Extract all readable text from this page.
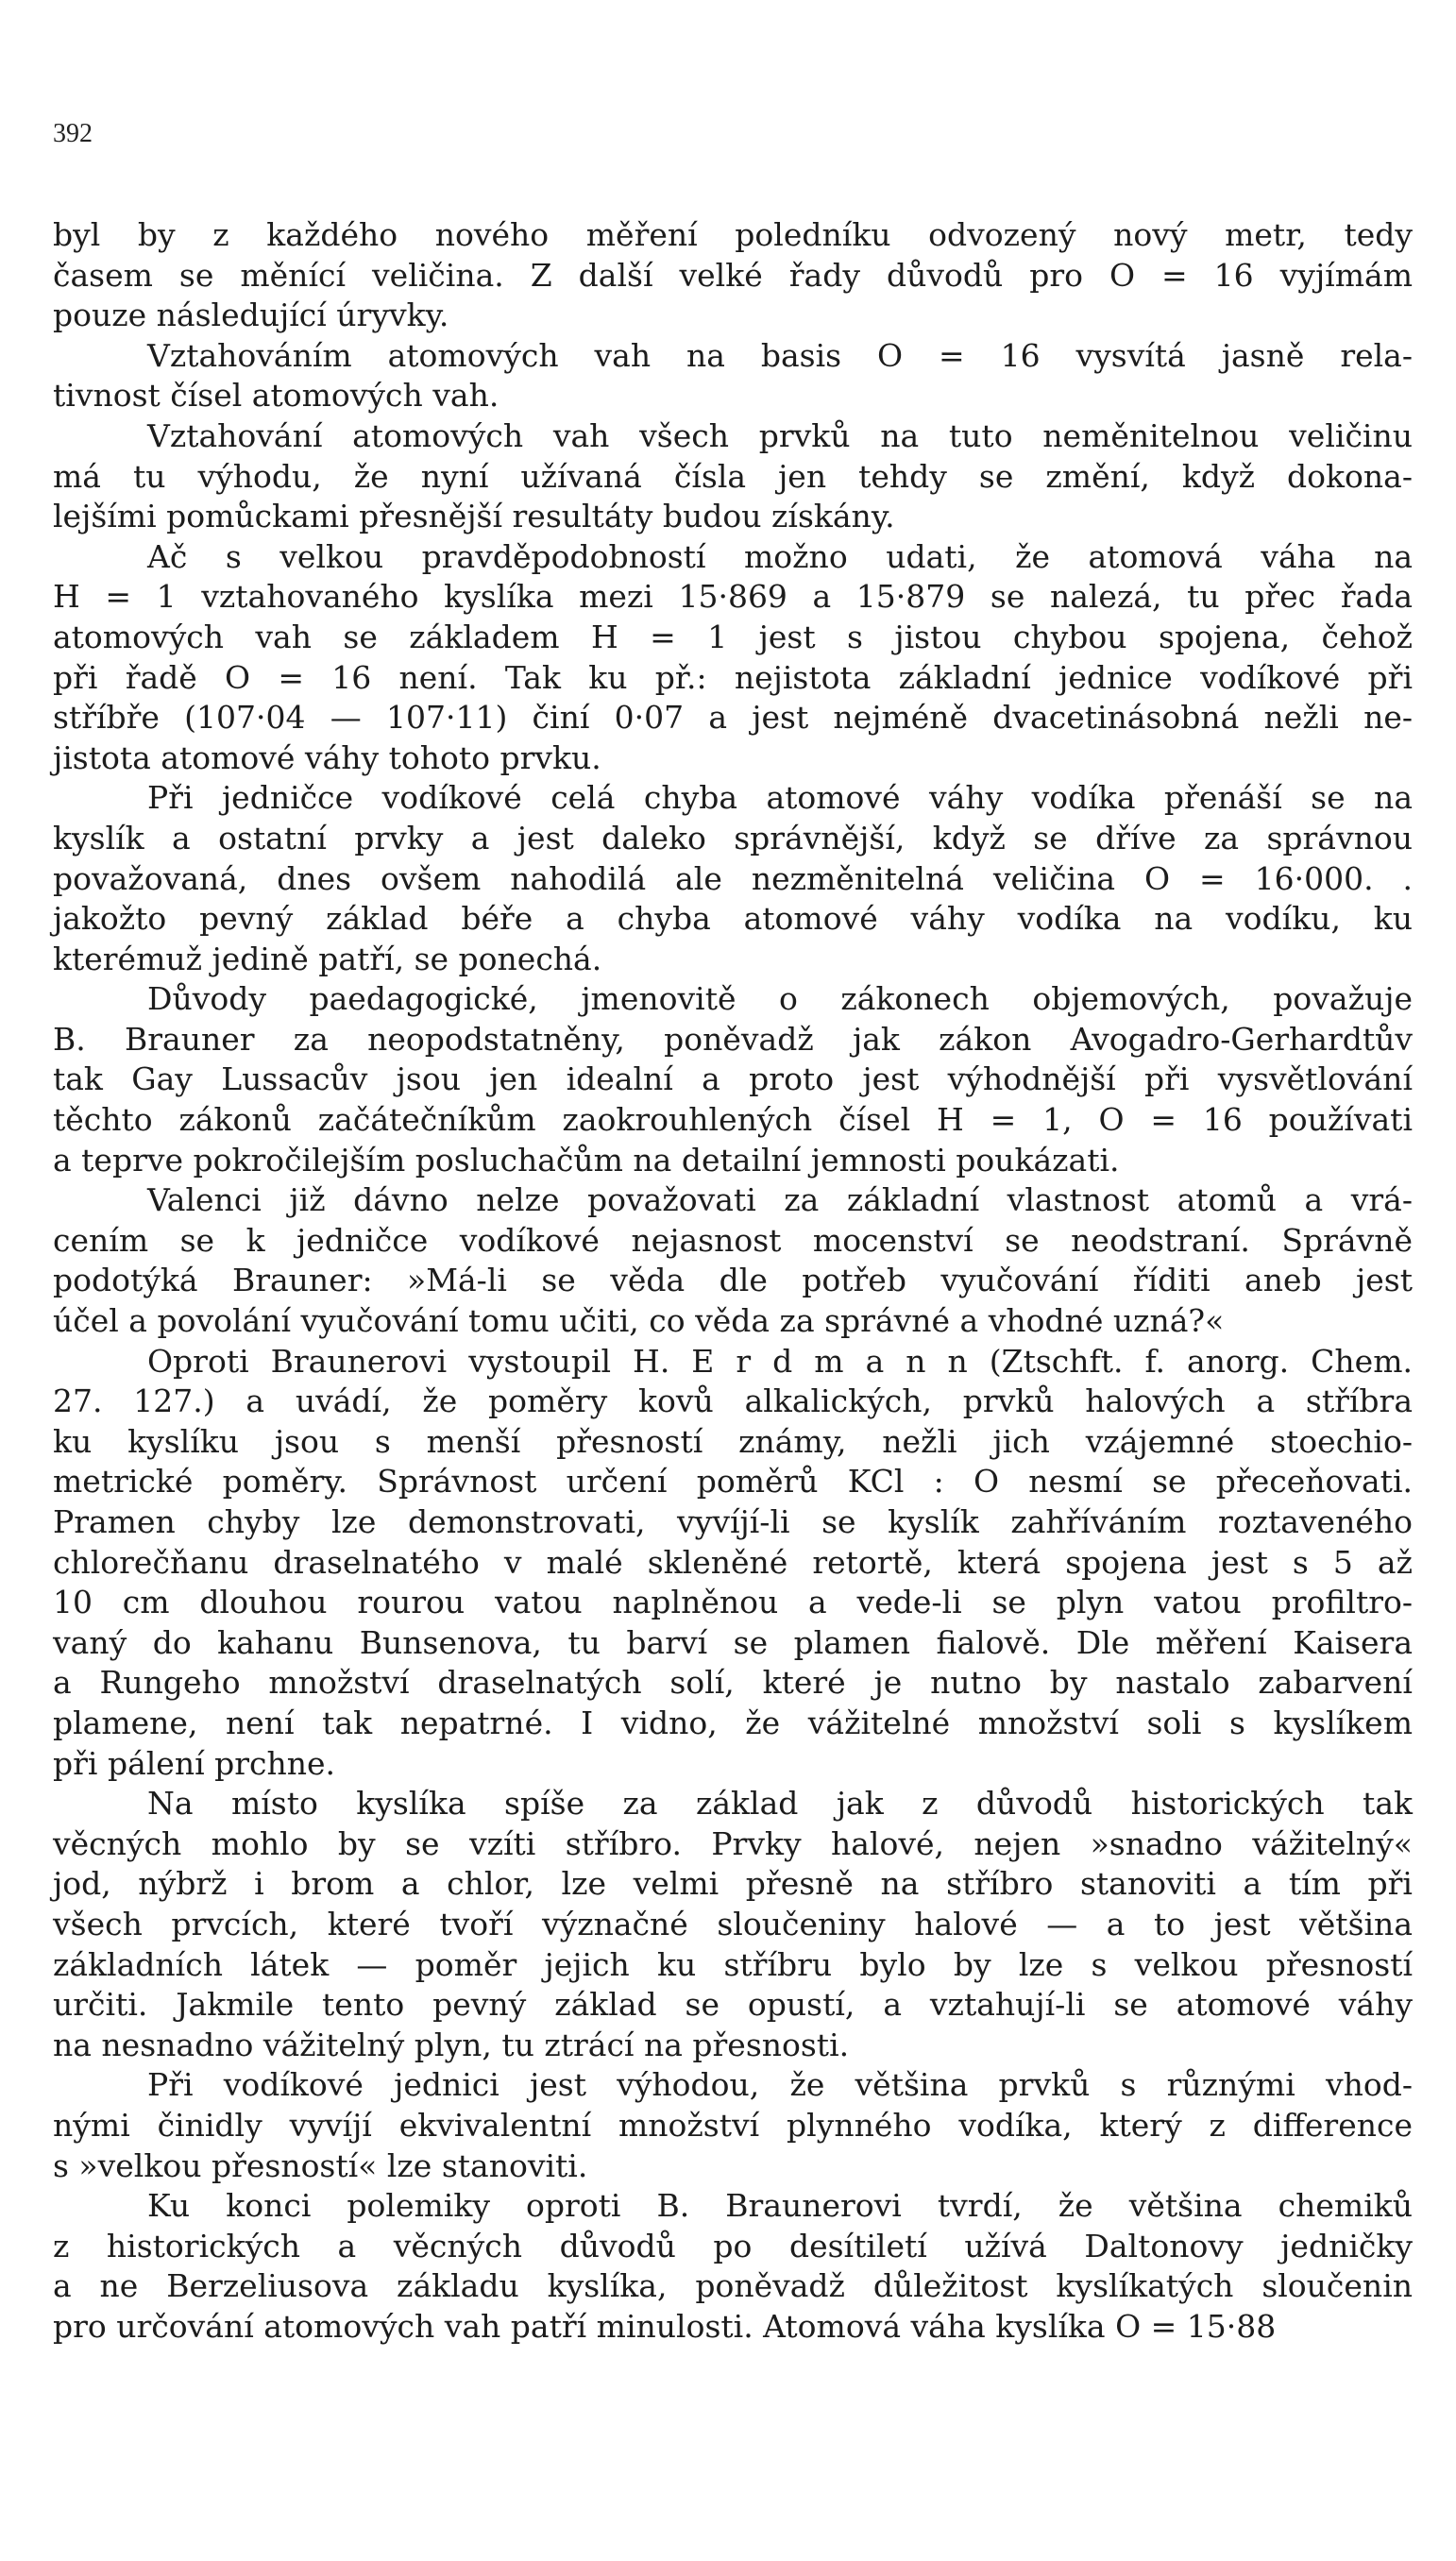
392

byl by z každého nového měření poledníku odvozený nový metr, tedy
časem se měnící veličina. Z další velké řady důvodů pro O = 16 vyjímám
pouze následující úryvky.

Vztahováním atomových vah na basis O = 16 vysvítá jasně rela-
tivnost čísel atomových vah.

Vztahování atomových vah všech prvků na tuto neměnitelnou veličinu
má tu výhodu, že nyní užívaná čísla jen tehdy se změní, když dokona-
lejšími pomůckami přesnější resultáty budou získány.

Ač s velkou pravděpodobností možno udati, že atomová váha na
H = 1 vztahovaného kyslíka mezi 15·869 a 15·879 se nalezá, tu přec řada
atomových vah se základem H = 1 jest s jistou chybou spojena, čehož
při řadě O = 16 není. Tak ku př.: nejistota základní jednice vodíkové při
stříbře (107·04 — 107·11) činí 0·07 a jest nejméně dvacetinásobná nežli ne-
jistota atomové váhy tohoto prvku.

Při jedničce vodíkové celá chyba atomové váhy vodíka přenáší se na
kyslík a ostatní prvky a jest daleko správnější, když se dříve za správnou
považovaná, dnes ovšem nahodilá ale nezměnitelná veličina O = 16·000. .
jakožto pevný základ béře a chyba atomové váhy vodíka na vodíku, ku
kterémuž jedině patří, se ponechá.

Důvody paedagogické, jmenovitě o zákonech objemových, považuje
B. Brauner za neopodstatněny, poněvadž jak zákon Avogadro-Gerhardtův
tak Gay Lussacův jsou jen idealní a proto jest výhodnější při vysvětlování
těchto zákonů začátečníkům zaokrouhlených čísel H = 1, O = 16 používati
a teprve pokročilejším posluchačům na detailní jemnosti poukázati.

Valenci již dávno nelze považovati za základní vlastnost atomů a vrá-
cením se k jedničce vodíkové nejasnost mocenství se neodstraní. Správně
podotýká Brauner: »Má-li se věda dle potřeb vyučování říditi aneb jest
účel a povolání vyučování tomu učiti, co věda za správné a vhodné uzná?«

Oproti Braunerovi vystoupil H. E r d m a n n (Ztschft. f. anorg. Chem.
27. 127.) a uvádí, že poměry kovů alkalických, prvků halových a stříbra
ku kyslíku jsou s menší přesností známy, nežli jich vzájemné stoechio-
metrické poměry. Správnost určení poměrů KCl : O nesmí se přeceňovati.
Pramen chyby lze demonstrovati, vyvíjí-li se kyslík zahříváním roztaveného
chlorečňanu draselnatého v malé skleněné retortě, která spojena jest s 5 až
10 cm dlouhou rourou vatou naplněnou a vede-li se plyn vatou profiltro-
vaný do kahanu Bunsenova, tu barví se plamen fialově. Dle měření Kaisera
a Rungeho množství draselnatých solí, které je nutno by nastalo zabarvení
plamene, není tak nepatrné. I vidno, že vážitelné množství soli s kyslíkem
při pálení prchne.

Na místo kyslíka spíše za základ jak z důvodů historických tak
věcných mohlo by se vzíti stříbro. Prvky halové, nejen »snadno vážitelný«
jod, nýbrž i brom a chlor, lze velmi přesně na stříbro stanoviti a tím při
všech prvcích, které tvoří význačné sloučeniny halové — a to jest většina
základních látek — poměr jejich ku stříbru bylo by lze s velkou přesností
určiti. Jakmile tento pevný základ se opustí, a vztahují-li se atomové váhy
na nesnadno vážitelný plyn, tu ztrácí na přesnosti.

Při vodíkové jednici jest výhodou, že většina prvků s různými vhod-
nými činidly vyvíjí ekvivalentní množství plynného vodíka, který z difference
s »velkou přesností« lze stanoviti.

Ku konci polemiky oproti B. Braunerovi tvrdí, že většina chemiků
z historických a věcných důvodů po desítiletí užívá Daltonovy jedničky
a ne Berzeliusova základu kyslíka, poněvadž důležitost kyslíkatých sloučenin
pro určování atomových vah patří minulosti. Atomová váha kyslíka O = 15·88
